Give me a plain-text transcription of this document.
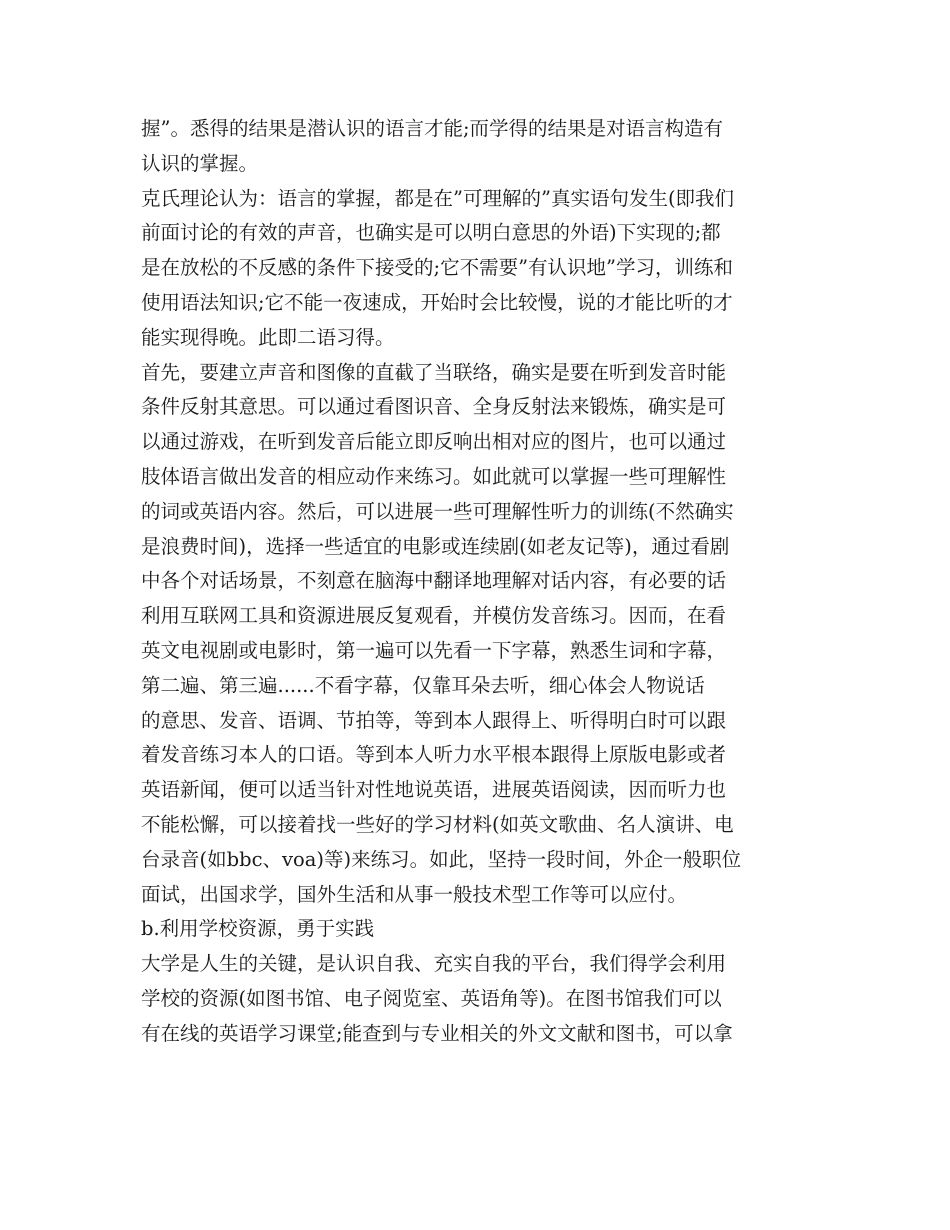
握”。悉得的结果是潜认识的语言才能;而学得的结果是对语言构造有
认识的掌握。
克氏理论认为：语言的掌握，都是在”可理解的”真实语句发生(即我们
前面讨论的有效的声音，也确实是可以明白意思的外语)下实现的;都
是在放松的不反感的条件下接受的;它不需要”有认识地”学习，训练和
使用语法知识;它不能一夜速成，开始时会比较慢，说的才能比听的才
能实现得晚。此即二语习得。
首先，要建立声音和图像的直截了当联络，确实是要在听到发音时能
条件反射其意思。可以通过看图识音、全身反射法来锻炼，确实是可
以通过游戏，在听到发音后能立即反响出相对应的图片，也可以通过
肢体语言做出发音的相应动作来练习。如此就可以掌握一些可理解性
的词或英语内容。然后，可以进展一些可理解性听力的训练(不然确实
是浪费时间)，选择一些适宜的电影或连续剧(如老友记等)，通过看剧
中各个对话场景，不刻意在脑海中翻译地理解对话内容，有必要的话
利用互联网工具和资源进展反复观看，并模仿发音练习。因而，在看
英文电视剧或电影时，第一遍可以先看一下字幕，熟悉生词和字幕，
第二遍、第三遍......不看字幕，仅靠耳朵去听，细心体会人物说话
的意思、发音、语调、节拍等，等到本人跟得上、听得明白时可以跟
着发音练习本人的口语。等到本人听力水平根本跟得上原版电影或者
英语新闻，便可以适当针对性地说英语，进展英语阅读，因而听力也
不能松懈，可以接着找一些好的学习材料(如英文歌曲、名人演讲、电
台录音(如bbc、voa)等)来练习。如此，坚持一段时间，外企一般职位
面试，出国求学，国外生活和从事一般技术型工作等可以应付。
b.利用学校资源，勇于实践
大学是人生的关键，是认识自我、充实自我的平台，我们得学会利用
学校的资源(如图书馆、电子阅览室、英语角等)。在图书馆我们可以
有在线的英语学习课堂;能查到与专业相关的外文文献和图书，可以拿
